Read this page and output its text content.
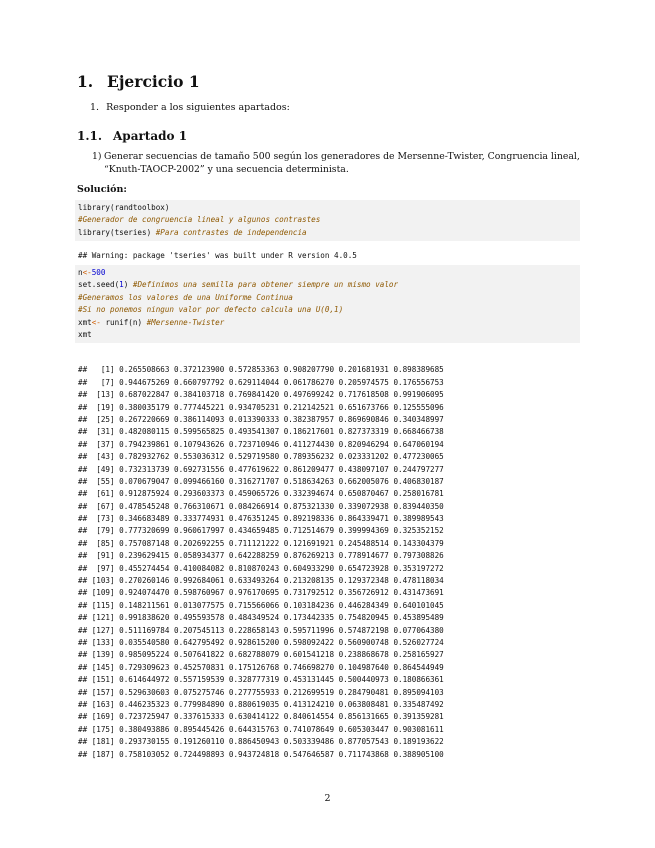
1. Ejercicio 1
1. Responder a los siguientes apartados:
1.1. Apartado 1
1) Generar secuencias de tamaño 500 según los generadores de Mersenne-Twister, Congruencia lineal, “Knuth-TAOCP-2002” y una secuencia determinista.
Solución:
library(randtoolbox)
#Generador de congruencia lineal y algunos contrastes
library(tseries) #Para contrastes de independencia
## Warning: package 'tseries' was built under R version 4.0.5
n<-500
set.seed(1) #Definimos una semilla para obtener siempre un mismo valor
#Generamos los valores de una Uniforme Continua
#Si no ponemos ningun valor por defecto calcula una U(0,1)
xmt<- runif(n) #Mersenne-Twister
xmt

##   [1] 0.265508663 0.372123900 0.572853363 0.908207790 0.201681931 0.898389685
##   [7] 0.944675269 0.660797792 0.629114044 0.061786270 0.205974575 0.176556753
##  [13] 0.687022847 0.384103718 0.769841420 0.497699242 0.717618508 0.991906095
##  [19] 0.380035179 0.777445221 0.934705231 0.212142521 0.651673766 0.125555096
##  [25] 0.267220669 0.386114093 0.013390333 0.382387957 0.869690846 0.340348997
##  [31] 0.482080115 0.599565825 0.493541307 0.186217601 0.827373319 0.668466738
##  [37] 0.794239861 0.107943626 0.723710946 0.411274430 0.820946294 0.647060194
##  [43] 0.782932762 0.553036312 0.529719580 0.789356232 0.023331202 0.477230065
##  [49] 0.732313739 0.692731556 0.477619622 0.861209477 0.438097107 0.244797277
##  [55] 0.070679047 0.099466160 0.316271707 0.518634263 0.662005076 0.406830187
##  [61] 0.912875924 0.293603373 0.459065726 0.332394674 0.650870467 0.258016781
##  [67] 0.478545248 0.766310671 0.084266914 0.875321330 0.339072938 0.839440350
##  [73] 0.346683489 0.333774931 0.476351245 0.892198336 0.864339471 0.389989543
##  [79] 0.777320699 0.960617997 0.434659485 0.712514679 0.399994369 0.325352152
##  [85] 0.757087148 0.202692255 0.711121222 0.121691921 0.245488514 0.143304379
##  [91] 0.239629415 0.058934377 0.642288259 0.876269213 0.778914677 0.797308826
##  [97] 0.455274454 0.410084082 0.810870243 0.604933290 0.654723928 0.353197272
## [103] 0.270260146 0.992684061 0.633493264 0.213208135 0.129372348 0.478118034
## [109] 0.924074470 0.598760967 0.976170695 0.731792512 0.356726912 0.431473691
## [115] 0.148211561 0.013077575 0.715566066 0.103184236 0.446284349 0.640101045
## [121] 0.991838620 0.495593578 0.484349524 0.173442335 0.754820945 0.453895489
## [127] 0.511169784 0.207545113 0.228658143 0.595711996 0.574872198 0.077064380
## [133] 0.035540580 0.642795492 0.928615200 0.598092422 0.560900748 0.526027724
## [139] 0.985095224 0.507641822 0.682788079 0.601541218 0.238868678 0.258165927
## [145] 0.729309623 0.452570831 0.175126768 0.746698270 0.104987640 0.864544949
## [151] 0.614644972 0.557159539 0.328777319 0.453131445 0.500440973 0.180866361
## [157] 0.529630603 0.075275746 0.277755933 0.212699519 0.284790481 0.895094103
## [163] 0.446235323 0.779984890 0.880619035 0.413124210 0.063808481 0.335487492
## [169] 0.723725947 0.337615333 0.630414122 0.840614554 0.856131665 0.391359281
## [175] 0.380493886 0.895445426 0.644315763 0.741078649 0.605303447 0.903081611
## [181] 0.293730155 0.191260110 0.886450943 0.503339486 0.877057543 0.189193622
## [187] 0.758103052 0.724498893 0.943724818 0.547646587 0.711743868 0.388905100
2
